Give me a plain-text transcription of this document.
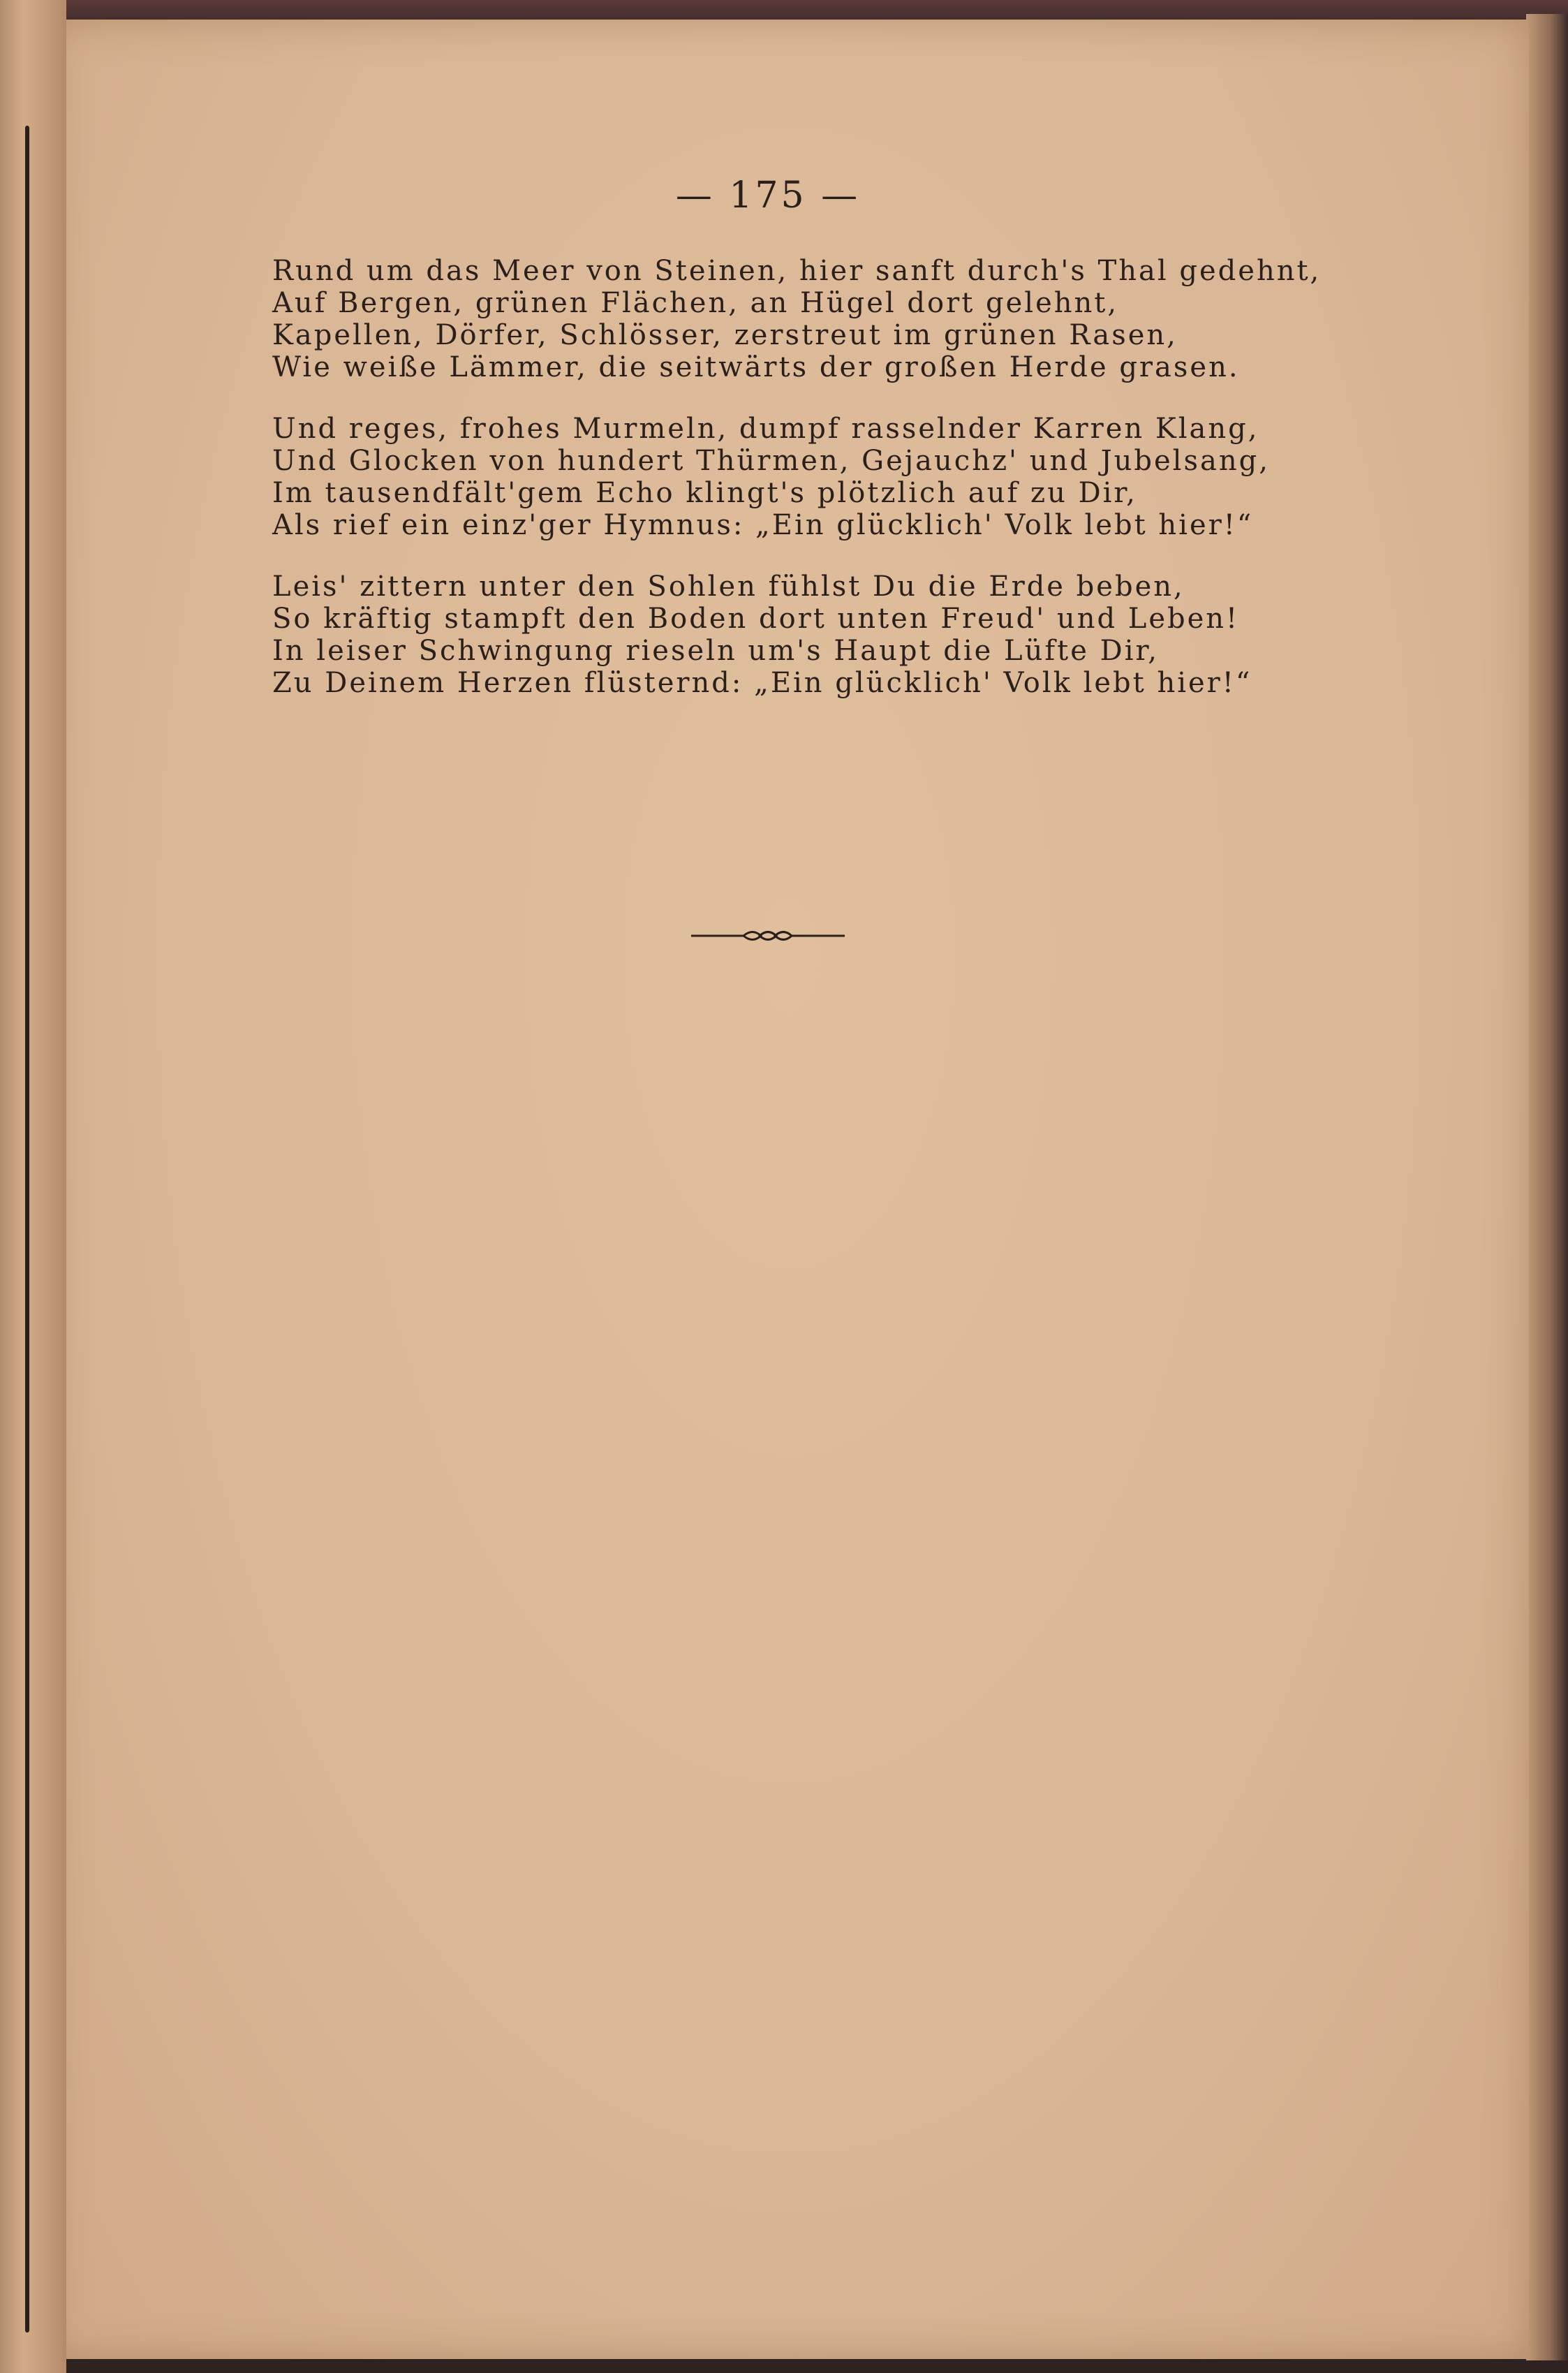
— 175 —
Rund um das Meer von Steinen, hier sanft durch's Thal gedehnt,
Auf Bergen, grünen Flächen, an Hügel dort gelehnt,
Kapellen, Dörfer, Schlösser, zerstreut im grünen Rasen,
Wie weiße Lämmer, die seitwärts der großen Herde grasen.
Und reges, frohes Murmeln, dumpf rasselnder Karren Klang,
Und Glocken von hundert Thürmen, Gejauchz' und Jubelsang,
Im tausendfält'gem Echo klingt's plötzlich auf zu Dir,
Als rief ein einz'ger Hymnus: „Ein glücklich' Volk lebt hier!“
Leis' zittern unter den Sohlen fühlst Du die Erde beben,
So kräftig stampft den Boden dort unten Freud' und Leben!
In leiser Schwingung rieseln um's Haupt die Lüfte Dir,
Zu Deinem Herzen flüsternd: „Ein glücklich' Volk lebt hier!“
